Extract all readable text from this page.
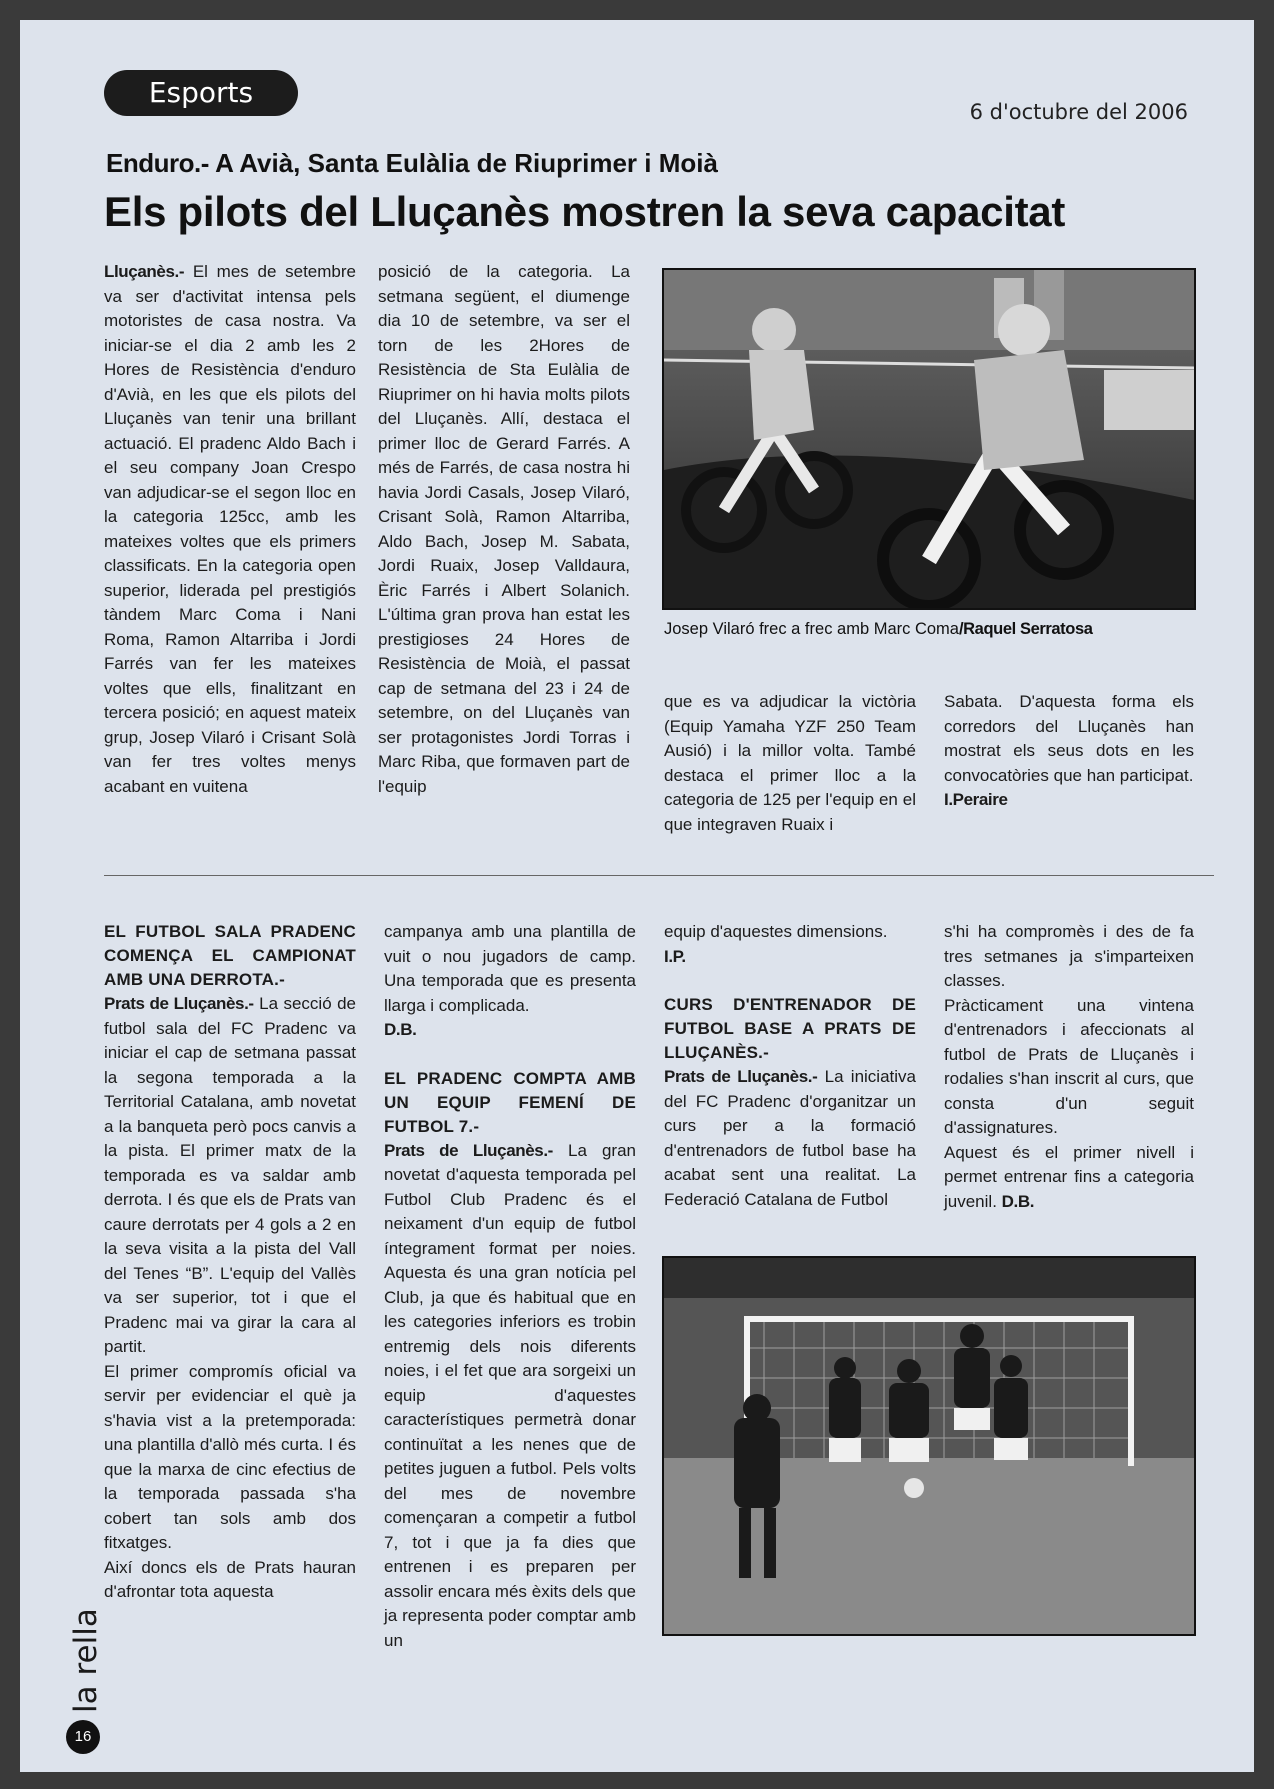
Esports
6 d'octubre del 2006
Enduro.- A Avià, Santa Eulàlia de Riuprimer i Moià
Els pilots del Lluçanès mostren la seva capacitat

Lluçanès.- El mes de setembre va ser d'activitat intensa pels motoristes de casa nostra. Va iniciar-se el dia 2 amb les 2 Hores de Resistència d'enduro d'Avià, en les que els pilots del Lluçanès van tenir una brillant actuació. El pradenc Aldo Bach i el seu company Joan Crespo van adjudicar-se el segon lloc en la categoria 125cc, amb les mateixes voltes que els primers classificats. En la categoria open superior, liderada pel prestigiós tàndem Marc Coma i Nani Roma, Ramon Altarriba i Jordi Farrés van fer les mateixes voltes que ells, finalitzant en tercera posició; en aquest mateix grup, Josep Vilaró i Crisant Solà van fer tres voltes menys acabant en vuitena

posició de la categoria. La setmana següent, el diumenge dia 10 de setembre, va ser el torn de les 2Hores de Resistència de Sta Eulàlia de Riuprimer on hi havia molts pilots del Lluçanès. Allí, destaca el primer lloc de Gerard Farrés. A més de Farrés, de casa nostra hi havia Jordi Casals, Josep Vilaró, Crisant Solà, Ramon Altarriba, Aldo Bach, Josep M. Sabata, Jordi Ruaix, Josep Valldaura, Èric Farrés i Albert Solanich. L'última gran prova han estat les prestigioses 24 Hores de Resistència de Moià, el passat cap de setmana del 23 i 24 de setembre, on del Lluçanès van ser protagonistes Jordi Torras i Marc Riba, que formaven part de l'equip

Josep Vilaró frec a frec amb Marc Coma/Raquel Serratosa

que es va adjudicar la victòria (Equip Yamaha YZF 250 Team Ausió) i la millor volta. També destaca el primer lloc a la categoria de 125 per l'equip en el que integraven Ruaix i

Sabata. D'aquesta forma els corredors del Lluçanès han mostrat els seus dots en les convocatòries que han participat.

I.Peraire

EL FUTBOL SALA PRADENC COMENÇA EL CAMPIONAT AMB UNA DERROTA.-

Prats de Lluçanès.- La secció de futbol sala del FC Pradenc va iniciar el cap de setmana passat la segona temporada a la Territorial Catalana, amb novetat a la banqueta però pocs canvis a la pista. El primer matx de la temporada es va saldar amb derrota. I és que els de Prats van caure derrotats per 4 gols a 2 en la seva visita a la pista del Vall del Tenes “B”. L'equip del Vallès va ser superior, tot i que el Pradenc mai va girar la cara al partit.

El primer compromís oficial va servir per evidenciar el què ja s'havia vist a la pretemporada: una plantilla d'allò més curta. I és que la marxa de cinc efectius de la temporada passada s'ha cobert tan sols amb dos fitxatges.

Així doncs els de Prats hauran d'afrontar tota aquesta

campanya amb una plantilla de vuit o nou jugadors de camp. Una temporada que es presenta llarga i complicada.

D.B.

EL PRADENC COMPTA AMB UN EQUIP FEMENÍ DE FUTBOL 7.-

Prats de Lluçanès.- La gran novetat d'aquesta temporada pel Futbol Club Pradenc és el neixament d'un equip de futbol íntegrament format per noies. Aquesta és una gran notícia pel Club, ja que és habitual que en les categories inferiors es trobin entremig dels nois diferents noies, i el fet que ara sorgeixi un equip d'aquestes característiques permetrà donar continuïtat a les nenes que de petites juguen a futbol. Pels volts del mes de novembre començaran a competir a futbol 7, tot i que ja fa dies que entrenen i es preparen per assolir encara més èxits dels que ja representa poder comptar amb un

equip d'aquestes dimensions.

I.P.

CURS D'ENTRENADOR DE FUTBOL BASE A PRATS DE LLUÇANÈS.-

Prats de Lluçanès.- La iniciativa del FC Pradenc d'organitzar un curs per a la formació d'entrenadors de futbol base ha acabat sent una realitat. La Federació Catalana de Futbol

s'hi ha compromès i des de fa tres setmanes ja s'imparteixen classes.

Pràcticament una vintena d'entrenadors i afeccionats al futbol de Prats de Lluçanès i rodalies s'han inscrit al curs, que consta d'un seguit d'assignatures.

Aquest és el primer nivell i permet entrenar fins a categoria juvenil. D.B.

la rella
16
